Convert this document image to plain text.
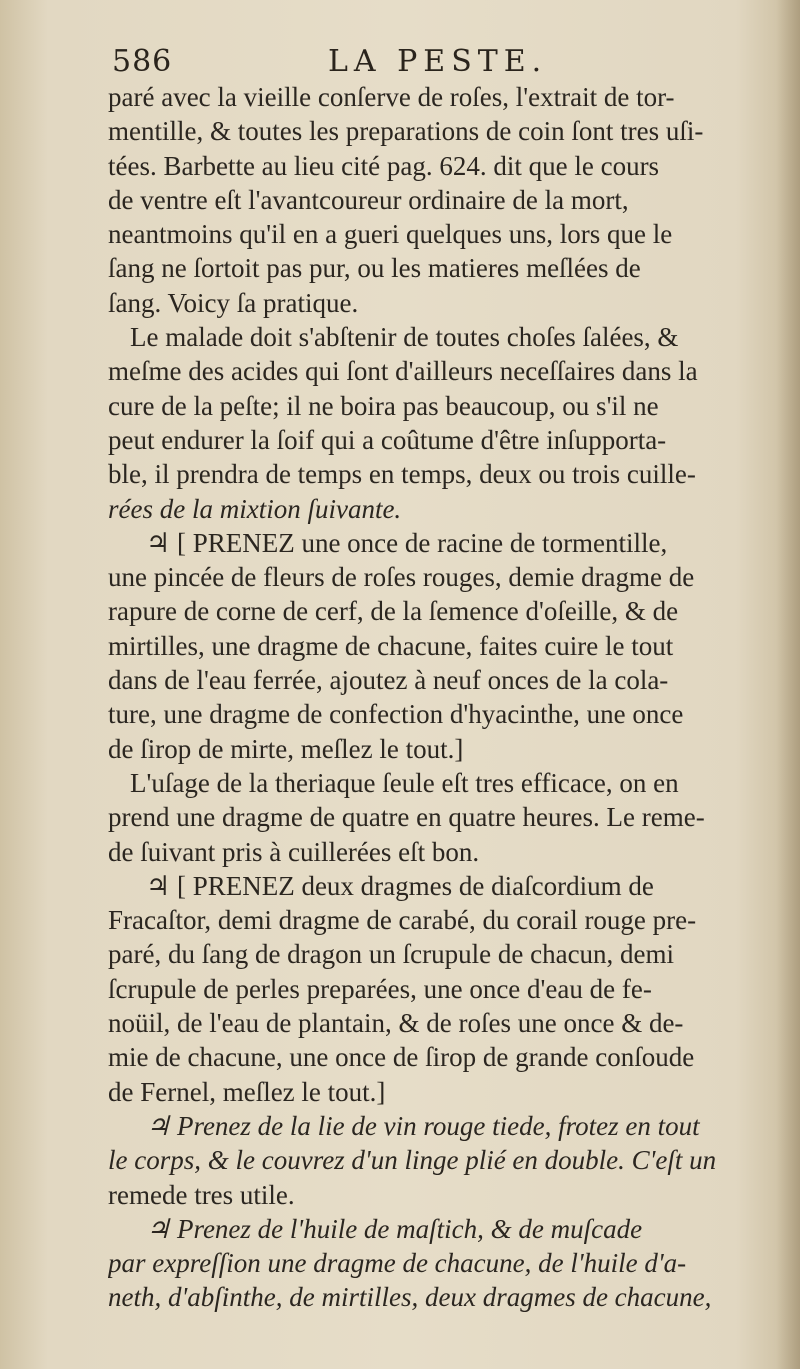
586	LA PESTE.
paré avec la vieille conſerve de roſes, l'extrait de tor-
mentille, & toutes les preparations de coin ſont tres uſi-
tées. Barbette au lieu cité pag. 624. dit que le cours
de ventre eſt l'avantcoureur ordinaire de la mort,
neantmoins qu'il en a gueri quelques uns, lors que le
ſang ne ſortoit pas pur, ou les matieres meſlées de
ſang. Voicy ſa pratique.
Le malade doit s'abſtenir de toutes choſes ſalées, &
meſme des acides qui ſont d'ailleurs neceſſaires dans la
cure de la peſte; il ne boira pas beaucoup, ou s'il ne
peut endurer la ſoif qui a coûtume d'être inſupporta-
ble, il prendra de temps en temps, deux ou trois cuille-
rées de la mixtion ſuivante.
♃ [ PRENEZ une once de racine de tormentille,
une pincée de fleurs de roſes rouges, demie dragme de
rapure de corne de cerf, de la ſemence d'oſeille, & de
mirtilles, une dragme de chacune, faites cuire le tout
dans de l'eau ferrée, ajoutez à neuf onces de la cola-
ture, une dragme de confection d'hyacinthe, une once
de ſirop de mirte, meſlez le tout.]
L'uſage de la theriaque ſeule eſt tres efficace, on en
prend une dragme de quatre en quatre heures. Le reme-
de ſuivant pris à cuillerées eſt bon.
♃ [ PRENEZ deux dragmes de diaſcordium de
Fracaſtor, demi dragme de carabé, du corail rouge pre-
paré, du ſang de dragon un ſcrupule de chacun, demi
ſcrupule de perles preparées, une once d'eau de fe-
noüil, de l'eau de plantain, & de roſes une once & de-
mie de chacune, une once de ſirop de grande conſoude
de Fernel, meſlez le tout.]
♃ Prenez de la lie de vin rouge tiede, frotez en tout
le corps, & le couvrez d'un linge plié en double. C'eſt un
remede tres utile.
♃ Prenez de l'huile de maſtich, & de muſcade
par expreſſion une dragme de chacune, de l'huile d'a-
neth, d'abſinthe, de mirtilles, deux dragmes de chacune,
